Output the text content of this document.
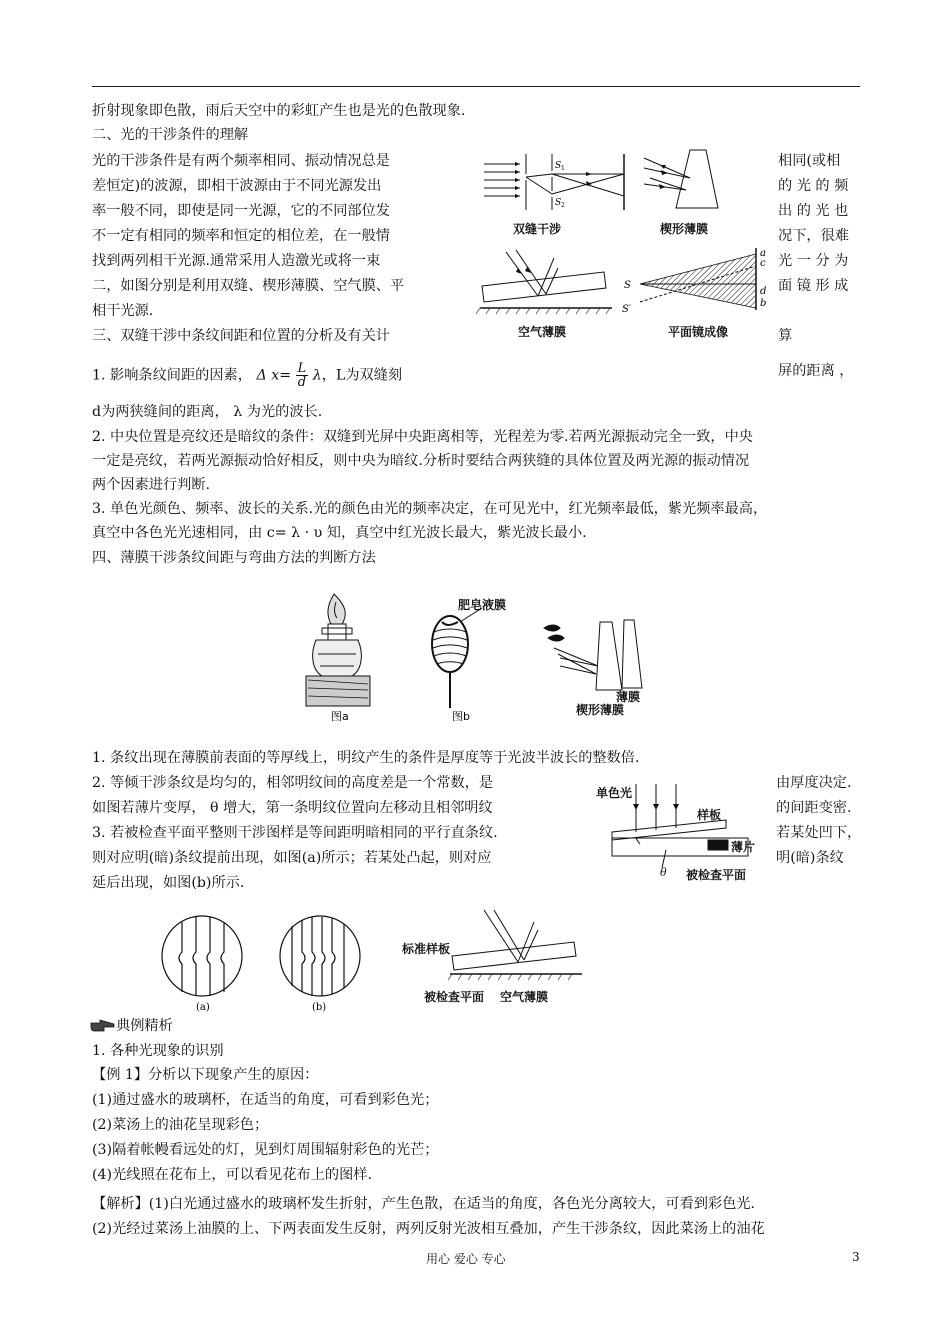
折射现象即色散，雨后天空中的彩虹产生也是光的色散现象.
二、光的干涉条件的理解
光的干涉条件是有两个频率相同、振动情况总是
差恒定)的波源，即相干波源由于不同光源发出
率一般不同，即使是同一光源，它的不同部位发
不一定有相同的频率和恒定的相位差，在一般情
找到两列相干光源.通常采用人造激光或将一束
二，如图分别是利用双缝、楔形薄膜、空气膜、平
相干光源.
相同(或相
的 光 的 频
出 的 光 也
况下，很难
光 一 分 为
面 镜 形 成
S 1
S 2
双缝干涉	楔形薄膜
空气薄膜
S
S′
a
c
d
b
平面镜成像
三、双缝干涉中条纹间距和位置的分析及有关计	算
1. 影响条纹间距的因素， Δ $x= \frac{L}{d}$ λ，L为双缝刻	屏的距离 ，
d为两狭缝间的距离， λ 为光的波长.
2. 中央位置是亮纹还是暗纹的条件：双缝到光屏中央距离相等，光程差为零.若两光源振动完全一致，中央
一定是亮纹，若两光源振动恰好相反，则中央为暗纹.分析时要结合两狭缝的具体位置及两光源的振动情况
两个因素进行判断.
3. 单色光颜色、频率、波长的关系.光的颜色由光的频率决定，在可见光中，红光频率最低，紫光频率最高，
真空中各色光光速相同，由 c= λ · υ 知，真空中红光波长最大，紫光波长最小.
四、薄膜干涉条纹间距与弯曲方法的判断方法
图a	图b
肥皂液膜
薄膜
楔形薄膜
1. 条纹出现在薄膜前表面的等厚线上，明纹产生的条件是厚度等于光波半波长的整数倍.
2. 等倾干涉条纹是均匀的，相邻明纹间的高度差是一个常数，是
如图若薄片变厚， θ 增大，第一条明纹位置向左移动且相邻明纹
3. 若被检查平面平整则干涉图样是等间距明暗相同的平行直条纹.
则对应明(暗)条纹提前出现，如图(a)所示；若某处凸起，则对应
延后出现，如图(b)所示.
由厚度决定.
的间距变密.
若某处凹下，
明(暗)条纹
单色光
样板
薄片
θ 被检查平面
(a)	(b)
标准样板
被检查平面 空气薄膜
典例精析
1. 各种光现象的识别
【例 1】分析以下现象产生的原因：
(1)通过盛水的玻璃杯，在适当的角度，可看到彩色光；
(2)菜汤上的油花呈现彩色；
(3)隔着帐幔看远处的灯，见到灯周围辐射彩色的光芒；
(4)光线照在花布上，可以看见花布上的图样.
【解析】(1)白光通过盛水的玻璃杯发生折射，产生色散，在适当的角度，各色光分离较大，可看到彩色光.
(2)光经过菜汤上油膜的上、下两表面发生反射，两列反射光波相互叠加，产生干涉条纹，因此菜汤上的油花
用心 爱心 专心	3
